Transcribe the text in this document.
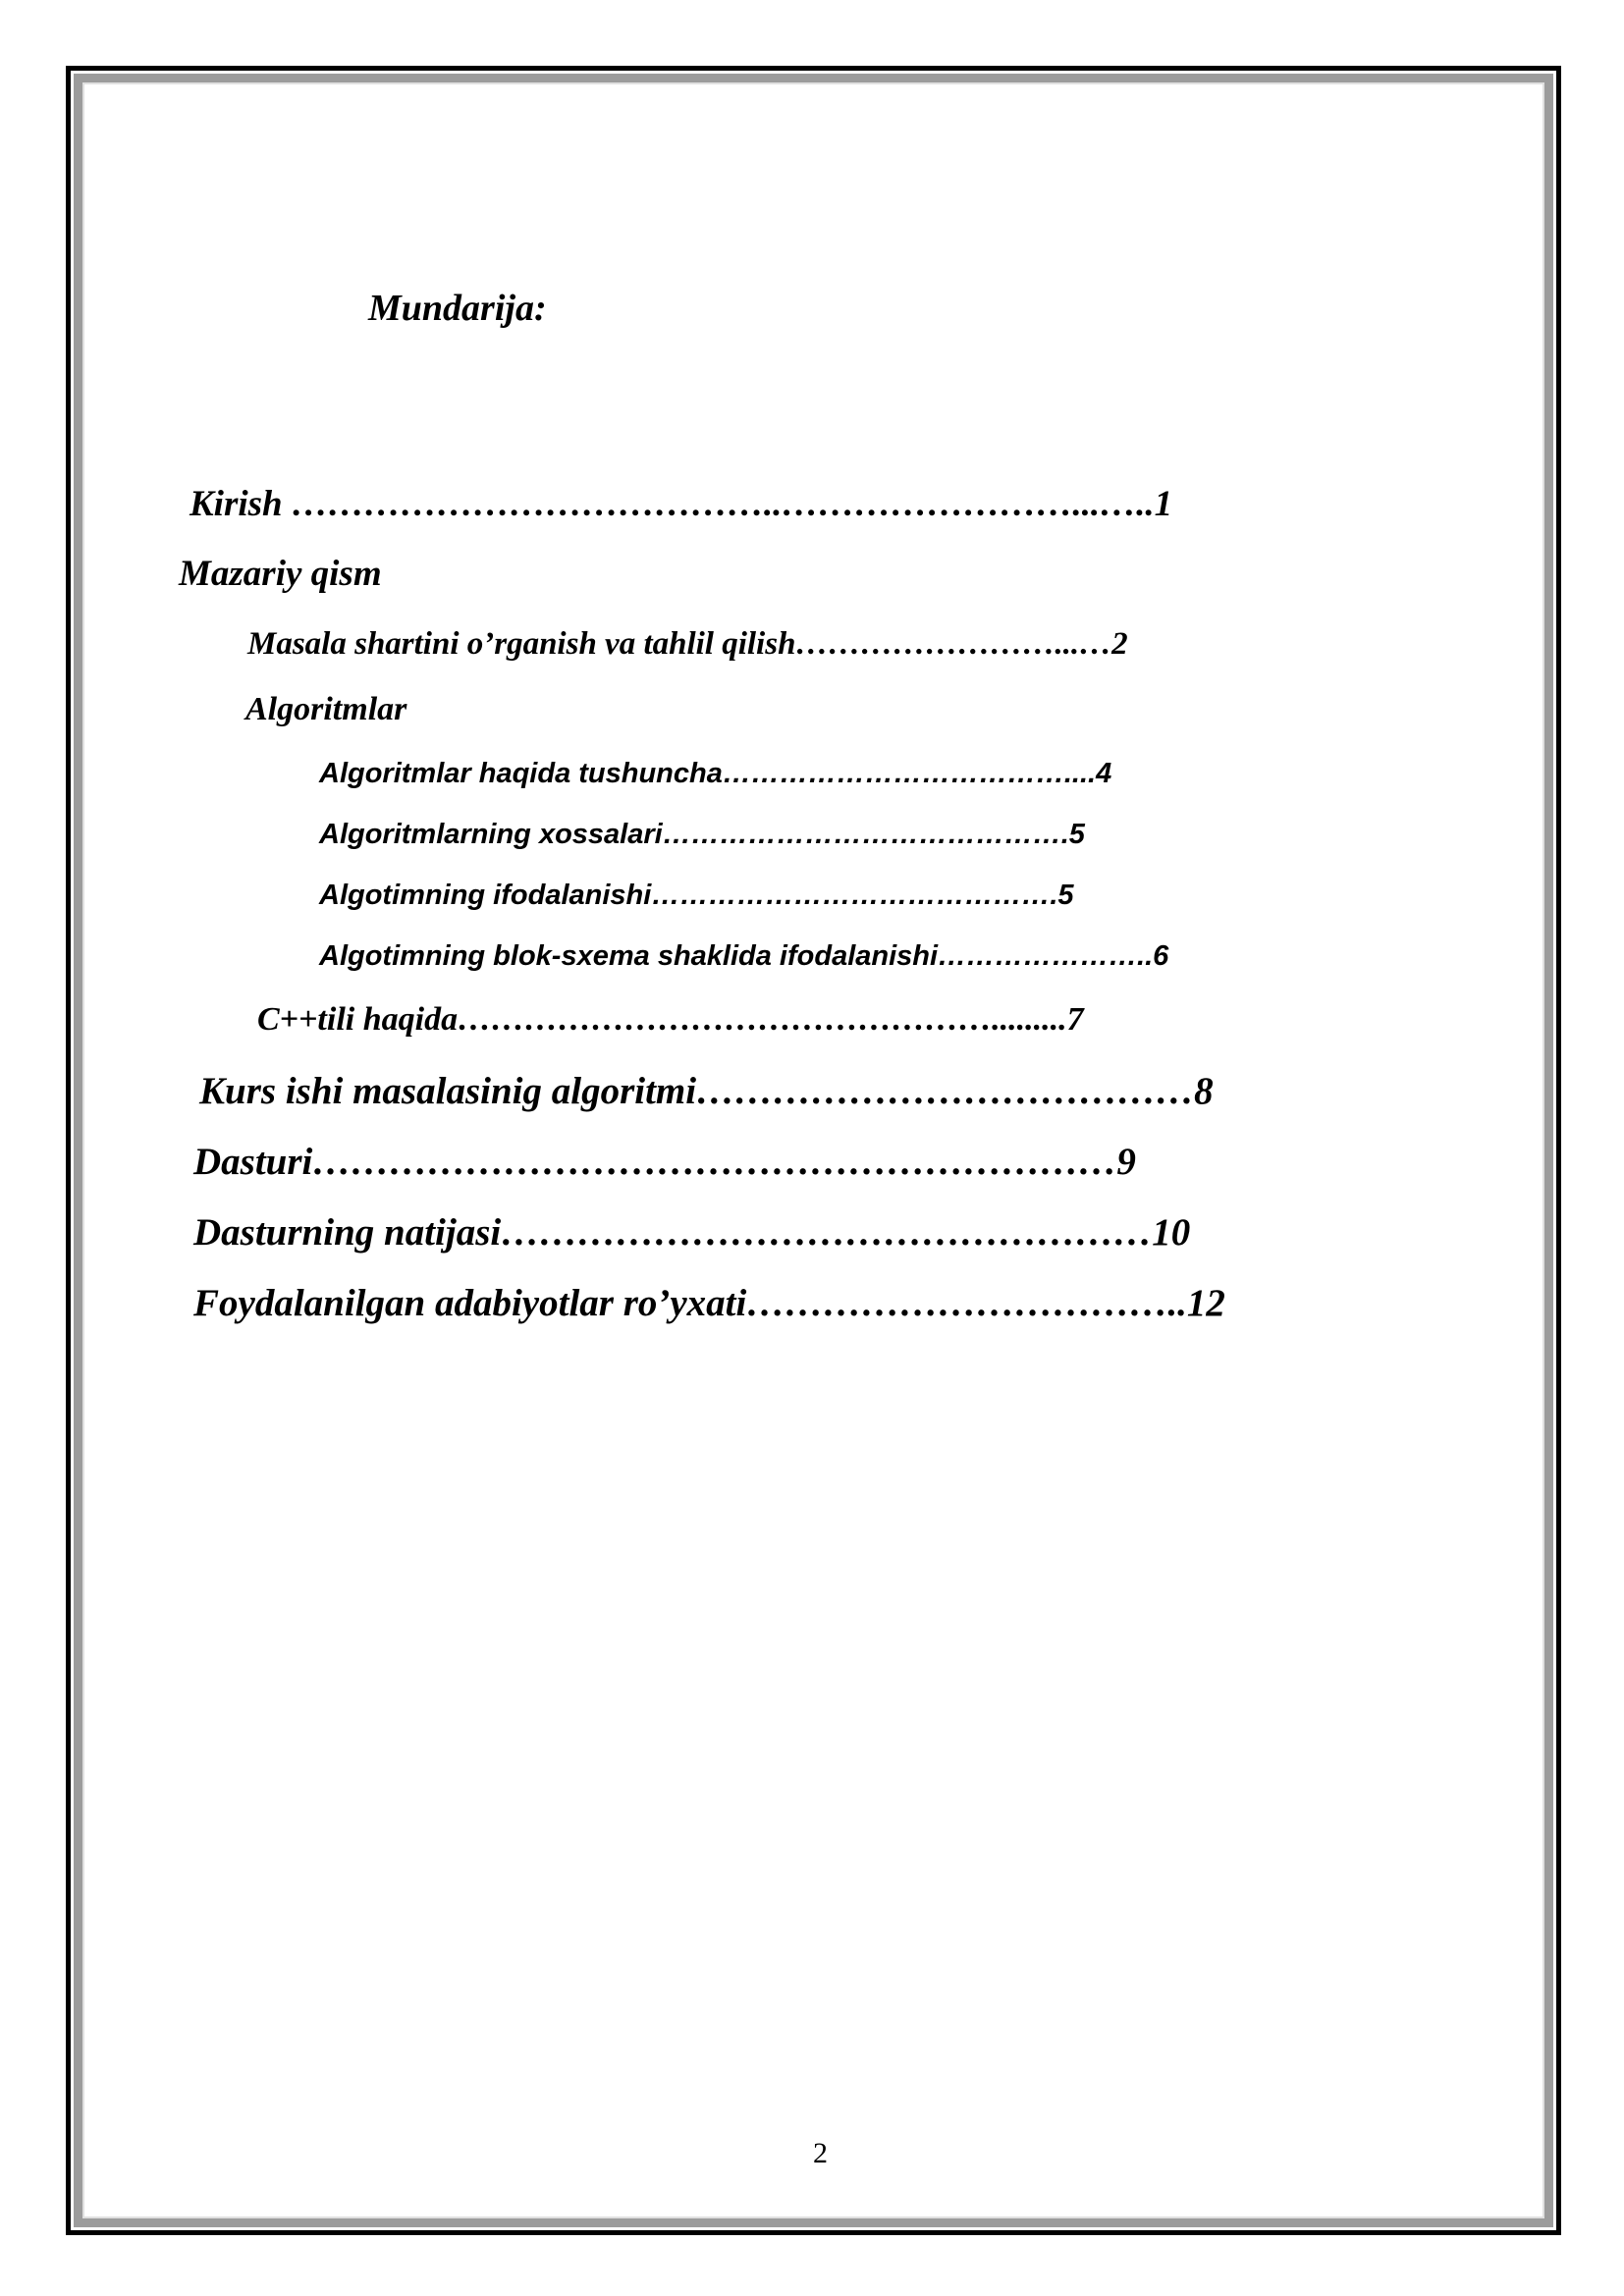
Mundarija:
Kirish …………………………………..……………………...…..1
Mazariy qism
Masala shartini o’rganish va tahlil qilish……………………...…2
Algoritmlar
Algoritmlar haqida tushuncha………………………………....4
Algoritmlarning xossalari…………………………………….5
Algotimning ifodalanishi…………………………………….5
Algotimning blok-sxema shaklida ifodalanishi…………………..6
C++tili haqida………………………………………….........7
Kurs ishi masalasinig algoritmi…………………………………8
Dasturi………………………………………………………9
Dasturning natijasi……………………………………………10
Foydalanilgan adabiyotlar ro’yxati……………………………..12
2
